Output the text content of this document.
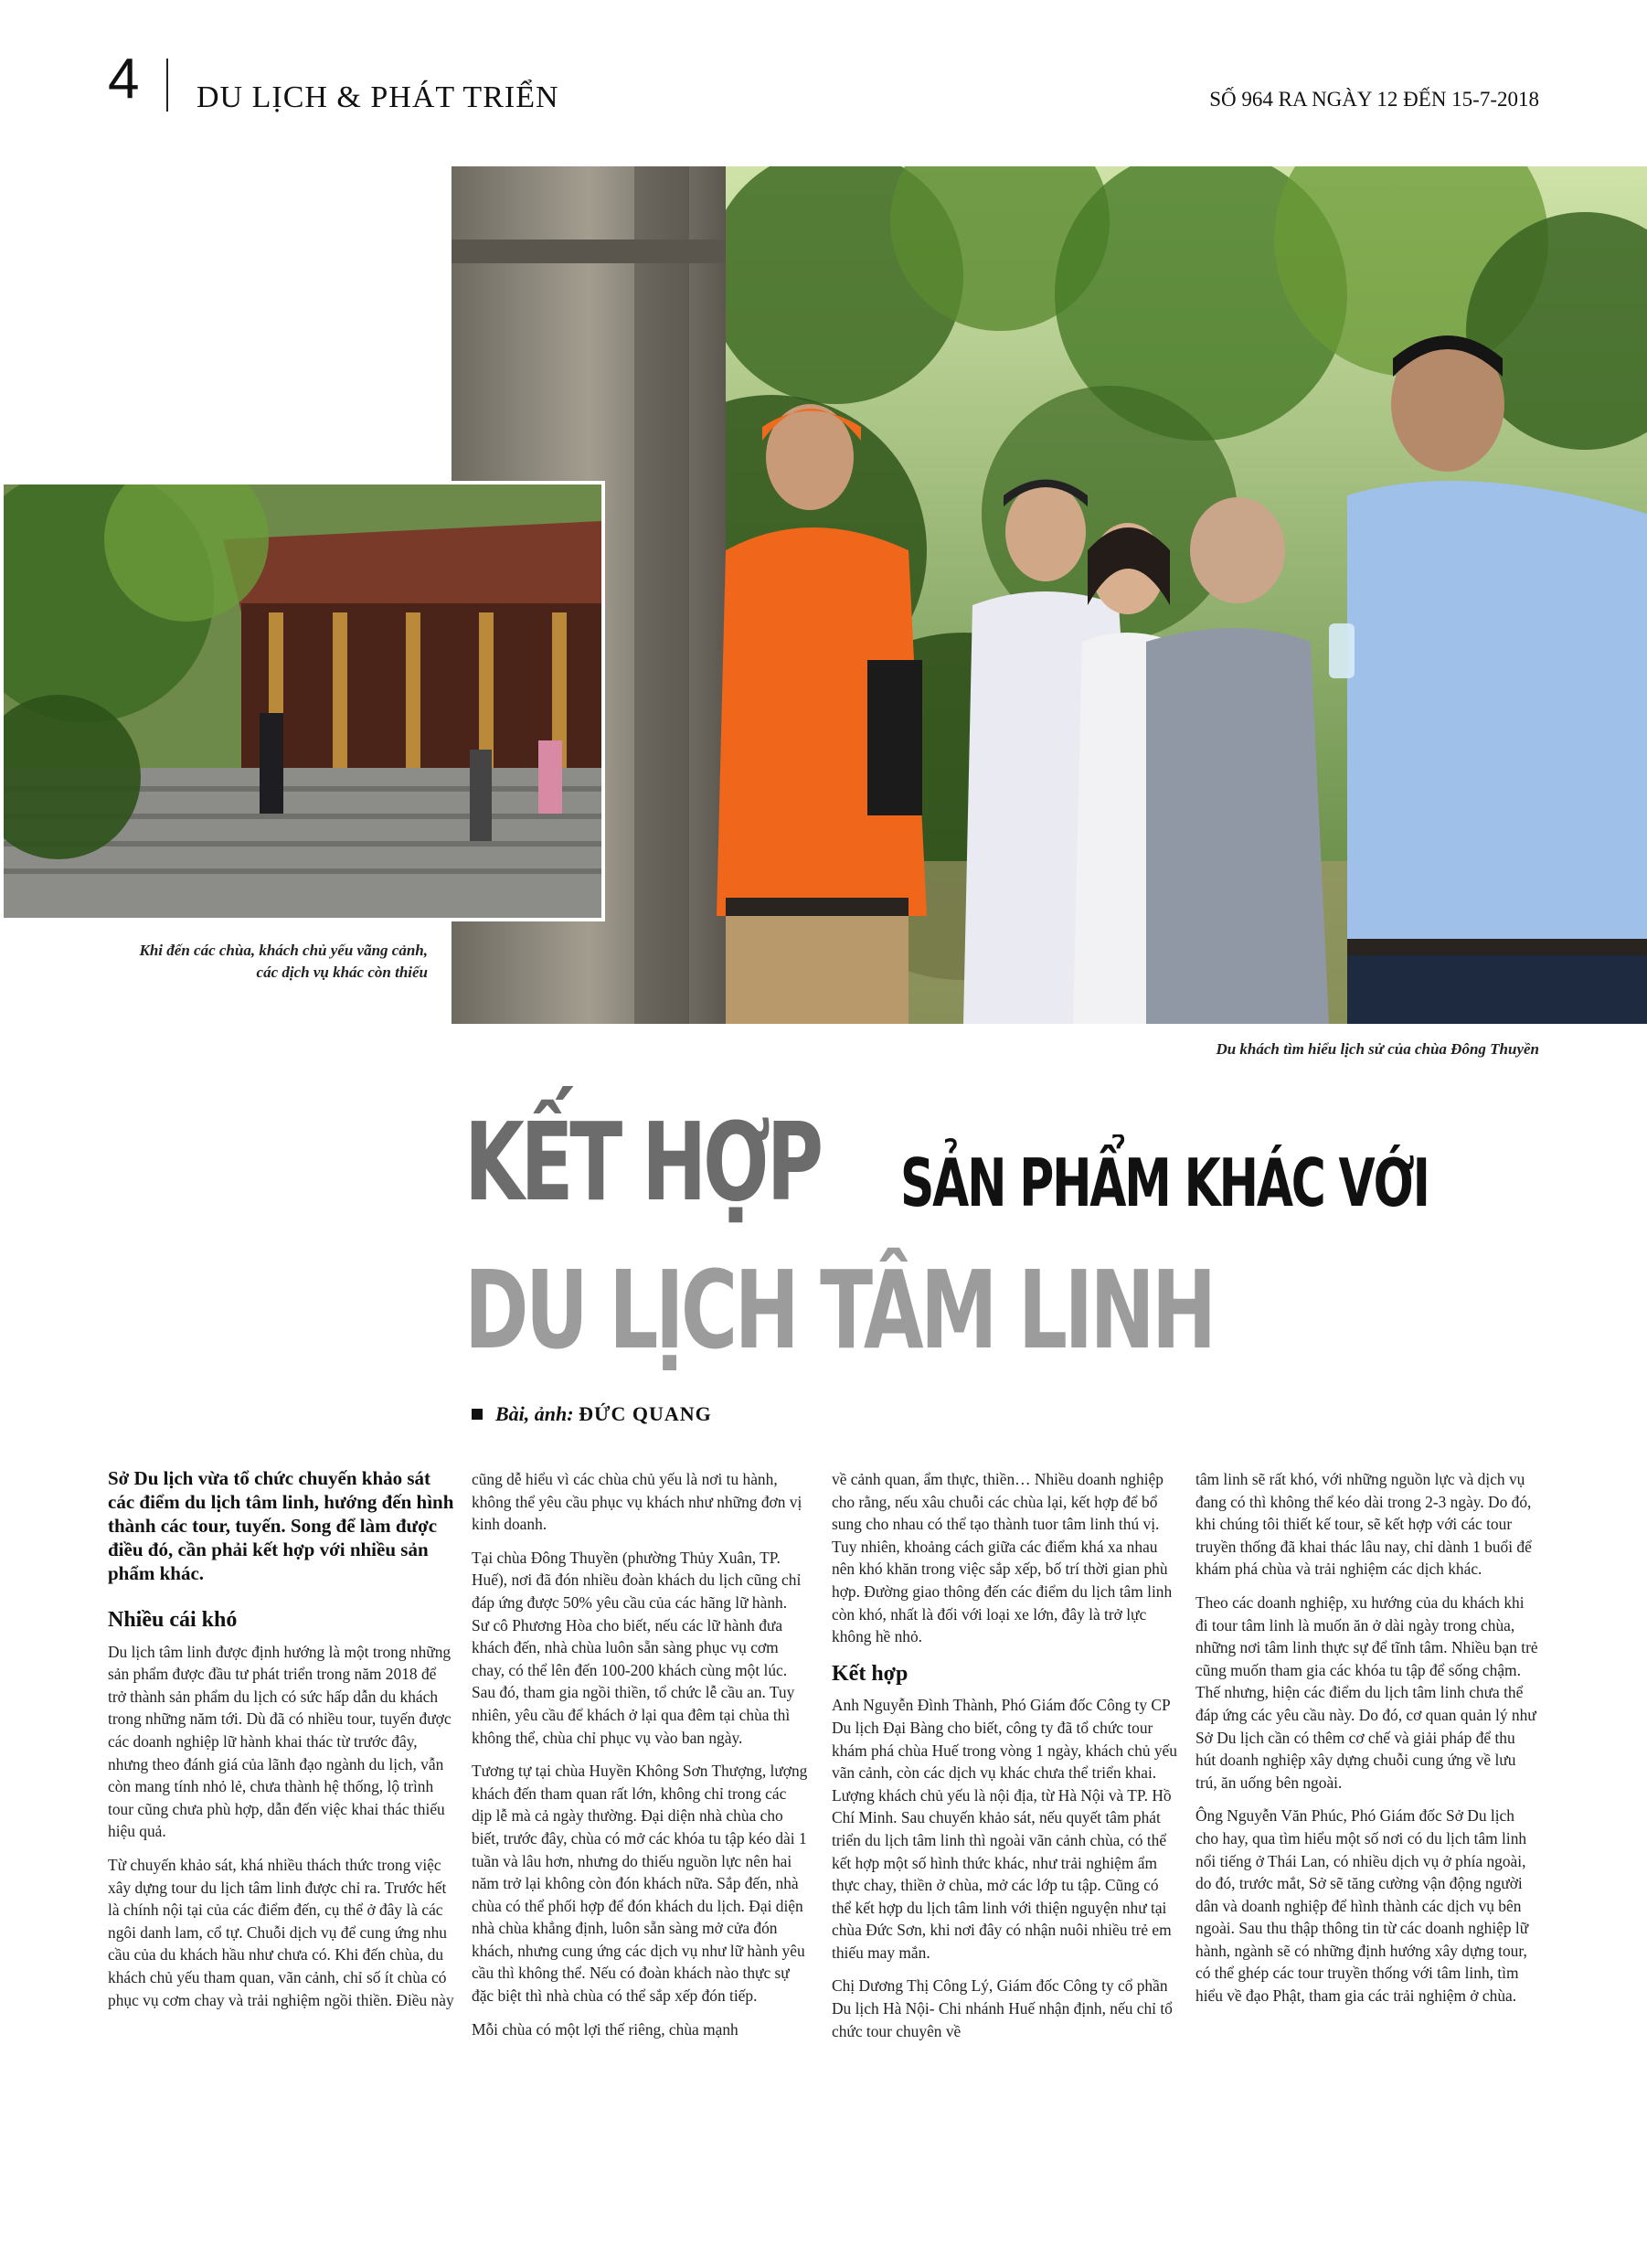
4 DU LỊCH & PHÁT TRIỂN	SỐ 964 RA NGÀY 12 ĐẾN 15-7-2018
Khi đến các chùa, khách chủ yếu vãng cảnh,
các dịch vụ khác còn thiếu
Du khách tìm hiểu lịch sử của chùa Đông Thuyền
KẾT HỢP SẢN PHẨM KHÁC VỚI
DU LỊCH TÂM LINH
Bài, ảnh: ĐỨC QUANG

Sở Du lịch vừa tổ chức chuyến khảo sát các điểm du lịch tâm linh, hướng đến hình thành các tour, tuyến. Song để làm được điều đó, cần phải kết hợp với nhiều sản phẩm khác.

Nhiều cái khó

Du lịch tâm linh được định hướng là một trong những sản phẩm được đầu tư phát triển trong năm 2018 để trở thành sản phẩm du lịch có sức hấp dẫn du khách trong những năm tới. Dù đã có nhiều tour, tuyến được các doanh nghiệp lữ hành khai thác từ trước đây, nhưng theo đánh giá của lãnh đạo ngành du lịch, vẫn còn mang tính nhỏ lẻ, chưa thành hệ thống, lộ trình tour cũng chưa phù hợp, dẫn đến việc khai thác thiếu hiệu quả.

Từ chuyến khảo sát, khá nhiều thách thức trong việc xây dựng tour du lịch tâm linh được chỉ ra. Trước hết là chính nội tại của các điểm đến, cụ thể ở đây là các ngôi danh lam, cổ tự. Chuỗi dịch vụ để cung ứng nhu cầu của du khách hầu như chưa có. Khi đến chùa, du khách chủ yếu tham quan, vãn cảnh, chỉ số ít chùa có phục vụ cơm chay và trải nghiệm ngồi thiền. Điều này

cũng dễ hiểu vì các chùa chủ yếu là nơi tu hành, không thể yêu cầu phục vụ khách như những đơn vị kinh doanh.

Tại chùa Đông Thuyền (phường Thủy Xuân, TP. Huế), nơi đã đón nhiều đoàn khách du lịch cũng chỉ đáp ứng được 50% yêu cầu của các hãng lữ hành. Sư cô Phương Hòa cho biết, nếu các lữ hành đưa khách đến, nhà chùa luôn sẵn sàng phục vụ cơm chay, có thể lên đến 100-200 khách cùng một lúc. Sau đó, tham gia ngồi thiền, tổ chức lễ cầu an. Tuy nhiên, yêu cầu để khách ở lại qua đêm tại chùa thì không thể, chùa chỉ phục vụ vào ban ngày.

Tương tự tại chùa Huyền Không Sơn Thượng, lượng khách đến tham quan rất lớn, không chỉ trong các dịp lễ mà cả ngày thường. Đại diện nhà chùa cho biết, trước đây, chùa có mở các khóa tu tập kéo dài 1 tuần và lâu hơn, nhưng do thiếu nguồn lực nên hai năm trở lại không còn đón khách nữa. Sắp đến, nhà chùa có thể phối hợp để đón khách du lịch. Đại diện nhà chùa khẳng định, luôn sẵn sàng mở cửa đón khách, nhưng cung ứng các dịch vụ như lữ hành yêu cầu thì không thể. Nếu có đoàn khách nào thực sự đặc biệt thì nhà chùa có thể sắp xếp đón tiếp.

Mỗi chùa có một lợi thế riêng, chùa mạnh

về cảnh quan, ẩm thực, thiền… Nhiều doanh nghiệp cho rằng, nếu xâu chuỗi các chùa lại, kết hợp để bổ sung cho nhau có thể tạo thành tuor tâm linh thú vị. Tuy nhiên, khoảng cách giữa các điểm khá xa nhau nên khó khăn trong việc sắp xếp, bố trí thời gian phù hợp. Đường giao thông đến các điểm du lịch tâm linh còn khó, nhất là đối với loại xe lớn, đây là trở lực không hề nhỏ.

Kết hợp

Anh Nguyễn Đình Thành, Phó Giám đốc Công ty CP Du lịch Đại Bàng cho biết, công ty đã tổ chức tour khám phá chùa Huế trong vòng 1 ngày, khách chủ yếu vãn cảnh, còn các dịch vụ khác chưa thể triển khai. Lượng khách chủ yếu là nội địa, từ Hà Nội và TP. Hồ Chí Minh. Sau chuyến khảo sát, nếu quyết tâm phát triển du lịch tâm linh thì ngoài vãn cảnh chùa, có thể kết hợp một số hình thức khác, như trải nghiệm ẩm thực chay, thiền ở chùa, mở các lớp tu tập. Cũng có thể kết hợp du lịch tâm linh với thiện nguyện như tại chùa Đức Sơn, khi nơi đây có nhận nuôi nhiều trẻ em thiếu may mắn.

Chị Dương Thị Công Lý, Giám đốc Công ty cổ phần Du lịch Hà Nội- Chi nhánh Huế nhận định, nếu chỉ tổ chức tour chuyên về

tâm linh sẽ rất khó, với những nguồn lực và dịch vụ đang có thì không thể kéo dài trong 2-3 ngày. Do đó, khi chúng tôi thiết kế tour, sẽ kết hợp với các tour truyền thống đã khai thác lâu nay, chỉ dành 1 buổi để khám phá chùa và trải nghiệm các dịch khác.

Theo các doanh nghiệp, xu hướng của du khách khi đi tour tâm linh là muốn ăn ở dài ngày trong chùa, những nơi tâm linh thực sự để tĩnh tâm. Nhiều bạn trẻ cũng muốn tham gia các khóa tu tập để sống chậm. Thế nhưng, hiện các điểm du lịch tâm linh chưa thể đáp ứng các yêu cầu này. Do đó, cơ quan quản lý như Sở Du lịch cần có thêm cơ chế và giải pháp để thu hút doanh nghiệp xây dựng chuỗi cung ứng về lưu trú, ăn uống bên ngoài.

Ông Nguyễn Văn Phúc, Phó Giám đốc Sở Du lịch cho hay, qua tìm hiểu một số nơi có du lịch tâm linh nổi tiếng ở Thái Lan, có nhiều dịch vụ ở phía ngoài, do đó, trước mắt, Sở sẽ tăng cường vận động người dân và doanh nghiệp để hình thành các dịch vụ bên ngoài. Sau thu thập thông tin từ các doanh nghiệp lữ hành, ngành sẽ có những định hướng xây dựng tour, có thể ghép các tour truyền thống với tâm linh, tìm hiểu về đạo Phật, tham gia các trải nghiệm ở chùa.
